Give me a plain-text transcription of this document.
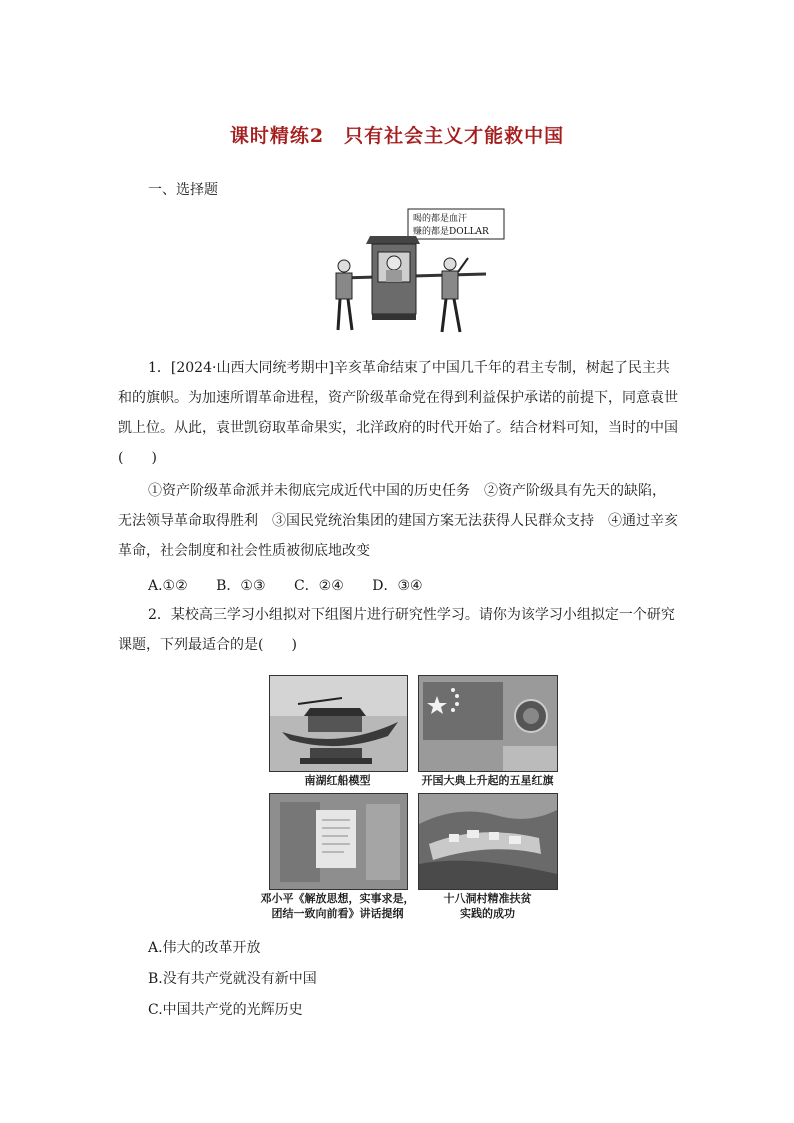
课时精练2　只有社会主义才能救中国
一、选择题
喝的都是血汗
赚的都是DOLLAR
1．[2024·山西大同统考期中]辛亥革命结束了中国几千年的君主专制，树起了民主共和的旗帜。为加速所谓革命进程，资产阶级革命党在得到利益保护承诺的前提下，同意袁世凯上位。从此，袁世凯窃取革命果实，北洋政府的时代开始了。结合材料可知，当时的中国(　　)
①资产阶级革命派并未彻底完成近代中国的历史任务　②资产阶级具有先天的缺陷，无法领导革命取得胜利　③国民党统治集团的建国方案无法获得人民群众支持　④通过辛亥革命，社会制度和社会性质被彻底地改变
A.①②　 B．①③　 C．②④　 D．③④
2．某校高三学习小组拟对下组图片进行研究性学习。请你为该学习小组拟定一个研究课题，下列最适合的是(　　)
南湖红船模型	开国大典上升起的五星红旗
邓小平《解放思想，实事求是，
团结一致向前看》讲话提纲
十八洞村精准扶贫
实践的成功
A.伟大的改革开放
B.没有共产党就没有新中国
C.中国共产党的光辉历史
